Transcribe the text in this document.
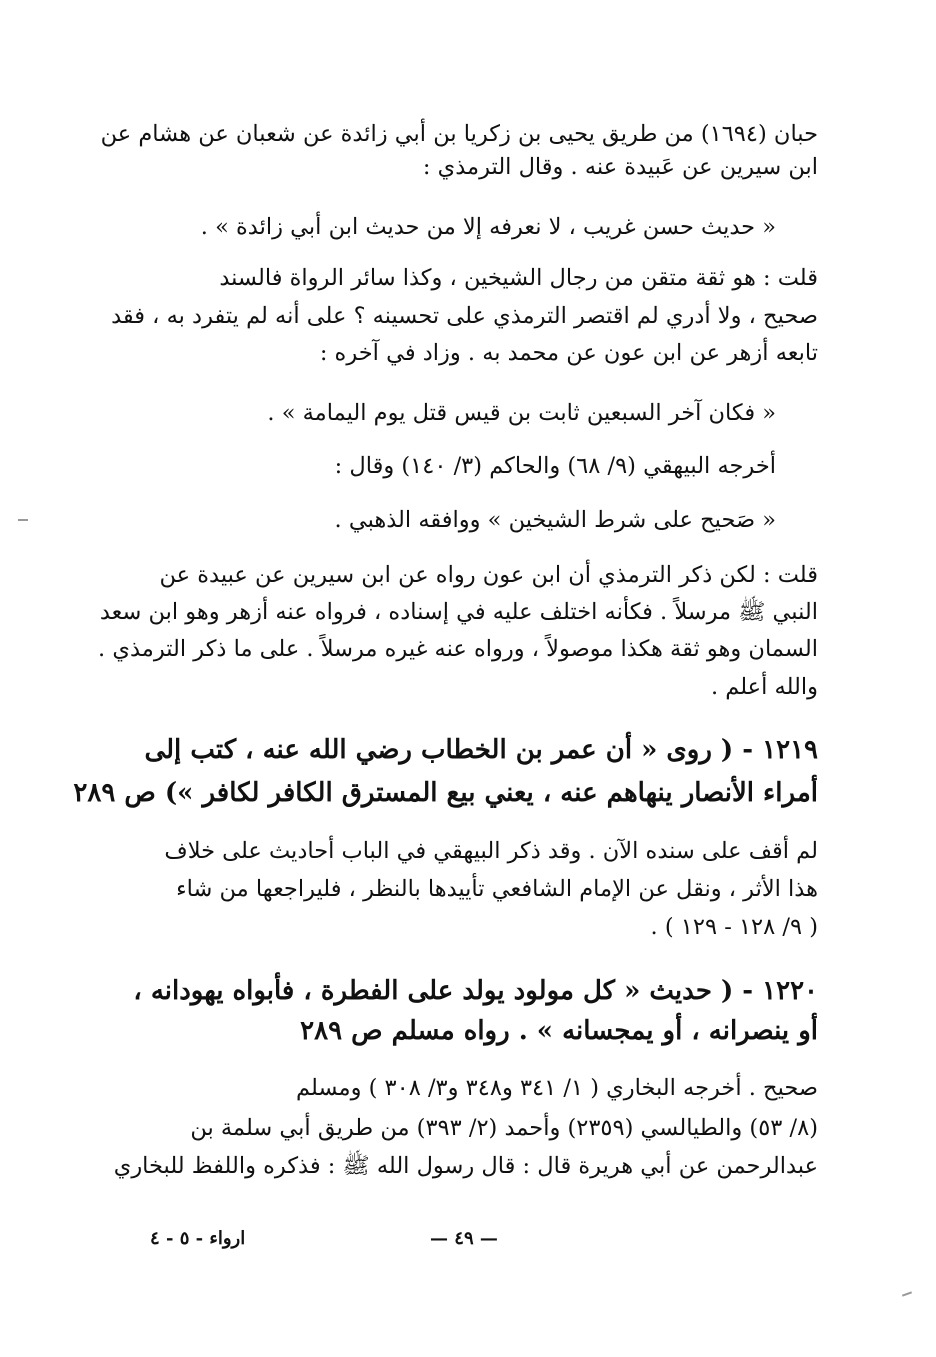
حبان (١٦٩٤) من طريق يحيى بن زكريا بن أبي زائدة عن شعبان عن هشام عن
ابن سيرين عن عَبيدة عنه . وقال الترمذي :
« حديث حسن غريب ، لا نعرفه إلا من حديث ابن أبي زائدة » .
قلت : هو ثقة متقن من رجال الشيخين ، وكذا سائر الرواة فالسند
صحيح ، ولا أدري لم اقتصر الترمذي على تحسينه ؟ على أنه لم يتفرد به ، فقد
تابعه أزهر عن ابن عون عن محمد به . وزاد في آخره :
« فكان آخر السبعين ثابت بن قيس قتل يوم اليمامة » .
أخرجه البيهقي (٩/ ٦٨) والحاكم (٣/ ١٤٠) وقال :
« صَحيح على شرط الشيخين » ووافقه الذهبي .
قلت : لكن ذكر الترمذي أن ابن عون رواه عن ابن سيرين عن عبيدة عن
النبي ﷺ مرسلاً . فكأنه اختلف عليه في إسناده ، فرواه عنه أزهر وهو ابن سعد
السمان وهو ثقة هكذا موصولاً ، ورواه عنه غيره مرسلاً . على ما ذكر الترمذي .
والله أعلم .
١٢١٩ - ( روى « أن عمر بن الخطاب رضي الله عنه ، كتب إلى
أمراء الأنصار ينهاهم عنه ، يعني بيع المسترق الكافر لكافر ») ص ٢٨٩
لم أقف على سنده الآن . وقد ذكر البيهقي في الباب أحاديث على خلاف
هذا الأثر ، ونقل عن الإمام الشافعي تأييدها بالنظر ، فليراجعها من شاء
( ٩/ ١٢٨ - ١٢٩ ) .
١٢٢٠ - ( حديث « كل مولود يولد على الفطرة ، فأبواه يهودانه ،
أو ينصرانه ، أو يمجسانه » . رواه مسلم ص ٢٨٩
صحيح . أخرجه البخاري ( ١/ ٣٤١ و٣٤٨ و٣/ ٣٠٨ ) ومسلم
(٨/ ٥٣) والطيالسي (٢٣٥٩) وأحمد (٢/ ٣٩٣) من طريق أبي سلمة بن
عبدالرحمن عن أبي هريرة قال : قال رسول الله ﷺ : فذكره واللفظ للبخاري
— ٤٩ —
ارواء - ٥ - ٤
